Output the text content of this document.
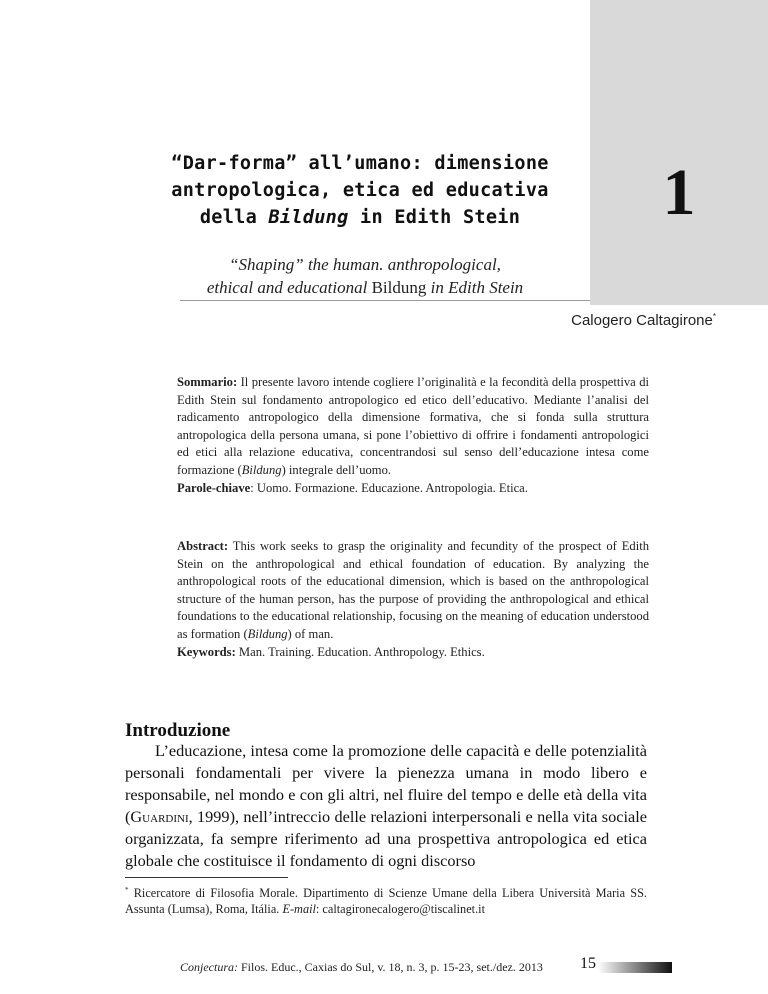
1
“Dar-forma” all’umano: dimensione
antropologica, etica ed educativa
della Bildung in Edith Stein
“Shaping” the human. anthropological,
ethical and educational Bildung in Edith Stein
Calogero Caltagirone*
Sommario: Il presente lavoro intende cogliere l’originalità e la fecondità della prospettiva di Edith Stein sul fondamento antropologico ed etico dell’educativo. Mediante l’analisi del radicamento antropologico della dimensione formativa, che si fonda sulla struttura antropologica della persona umana, si pone l’obiettivo di offrire i fondamenti antropologici ed etici alla relazione educativa, concentrandosi sul senso dell’educazione intesa come formazione (Bildung) integrale dell’uomo.
Parole-chiave: Uomo. Formazione. Educazione. Antropologia. Etica.
Abstract: This work seeks to grasp the originality and fecundity of the prospect of Edith Stein on the anthropological and ethical foundation of education. By analyzing the anthropological roots of the educational dimension, which is based on the anthropological structure of the human person, has the purpose of providing the anthropological and ethical foundations to the educational relationship, focusing on the meaning of education understood as formation (Bildung) of man.
Keywords: Man. Training. Education. Anthropology. Ethics.
Introduzione

L’educazione, intesa come la promozione delle capacità e delle potenzialità personali fondamentali per vivere la pienezza umana in modo libero e responsabile, nel mondo e con gli altri, nel fluire del tempo e delle età della vita (Guardini, 1999), nell’intreccio delle relazioni interpersonali e nella vita sociale organizzata, fa sempre riferimento ad una prospettiva antropologica ed etica globale che costituisce il fondamento di ogni discorso

* Ricercatore di Filosofia Morale. Dipartimento di Scienze Umane della Libera Università Maria SS. Assunta (Lumsa), Roma, Itália. E-mail: caltagironecalogero@tiscalinet.it
Conjectura: Filos. Educ., Caxias do Sul, v. 18, n. 3, p. 15-23, set./dez. 2013 15
